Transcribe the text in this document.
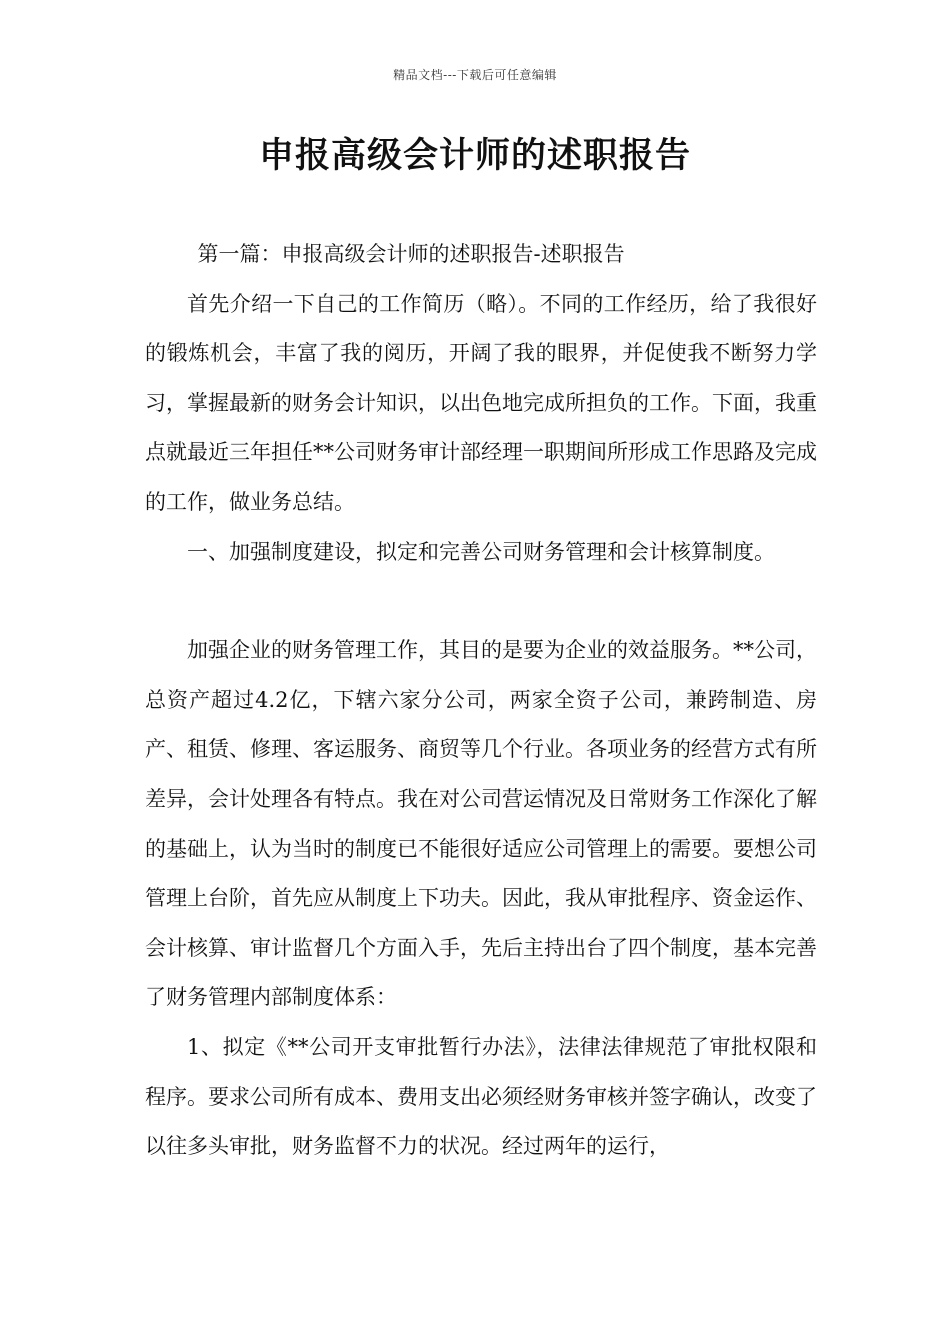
精品文档---下载后可任意编辑
申报高级会计师的述职报告

第一篇：申报高级会计师的述职报告-述职报告

首先介绍一下自己的工作简历（略）。不同的工作经历，给了我很好的锻炼机会，丰富了我的阅历，开阔了我的眼界，并促使我不断努力学习，掌握最新的财务会计知识，以出色地完成所担负的工作。下面，我重点就最近三年担任**公司财务审计部经理一职期间所形成工作思路及完成的工作，做业务总结。

一、加强制度建设，拟定和完善公司财务管理和会计核算制度。

加强企业的财务管理工作，其目的是要为企业的效益服务。**公司，总资产超过4.2亿，下辖六家分公司，两家全资子公司，兼跨制造、房产、租赁、修理、客运服务、商贸等几个行业。各项业务的经营方式有所差异，会计处理各有特点。我在对公司营运情况及日常财务工作深化了解的基础上，认为当时的制度已不能很好适应公司管理上的需要。要想公司管理上台阶，首先应从制度上下功夫。因此，我从审批程序、资金运作、会计核算、审计监督几个方面入手，先后主持出台了四个制度，基本完善了财务管理内部制度体系：

1、拟定《**公司开支审批暂行办法》，法律法律规范了审批权限和程序。要求公司所有成本、费用支出必须经财务审核并签字确认，改变了以往多头审批，财务监督不力的状况。经过两年的运行，
